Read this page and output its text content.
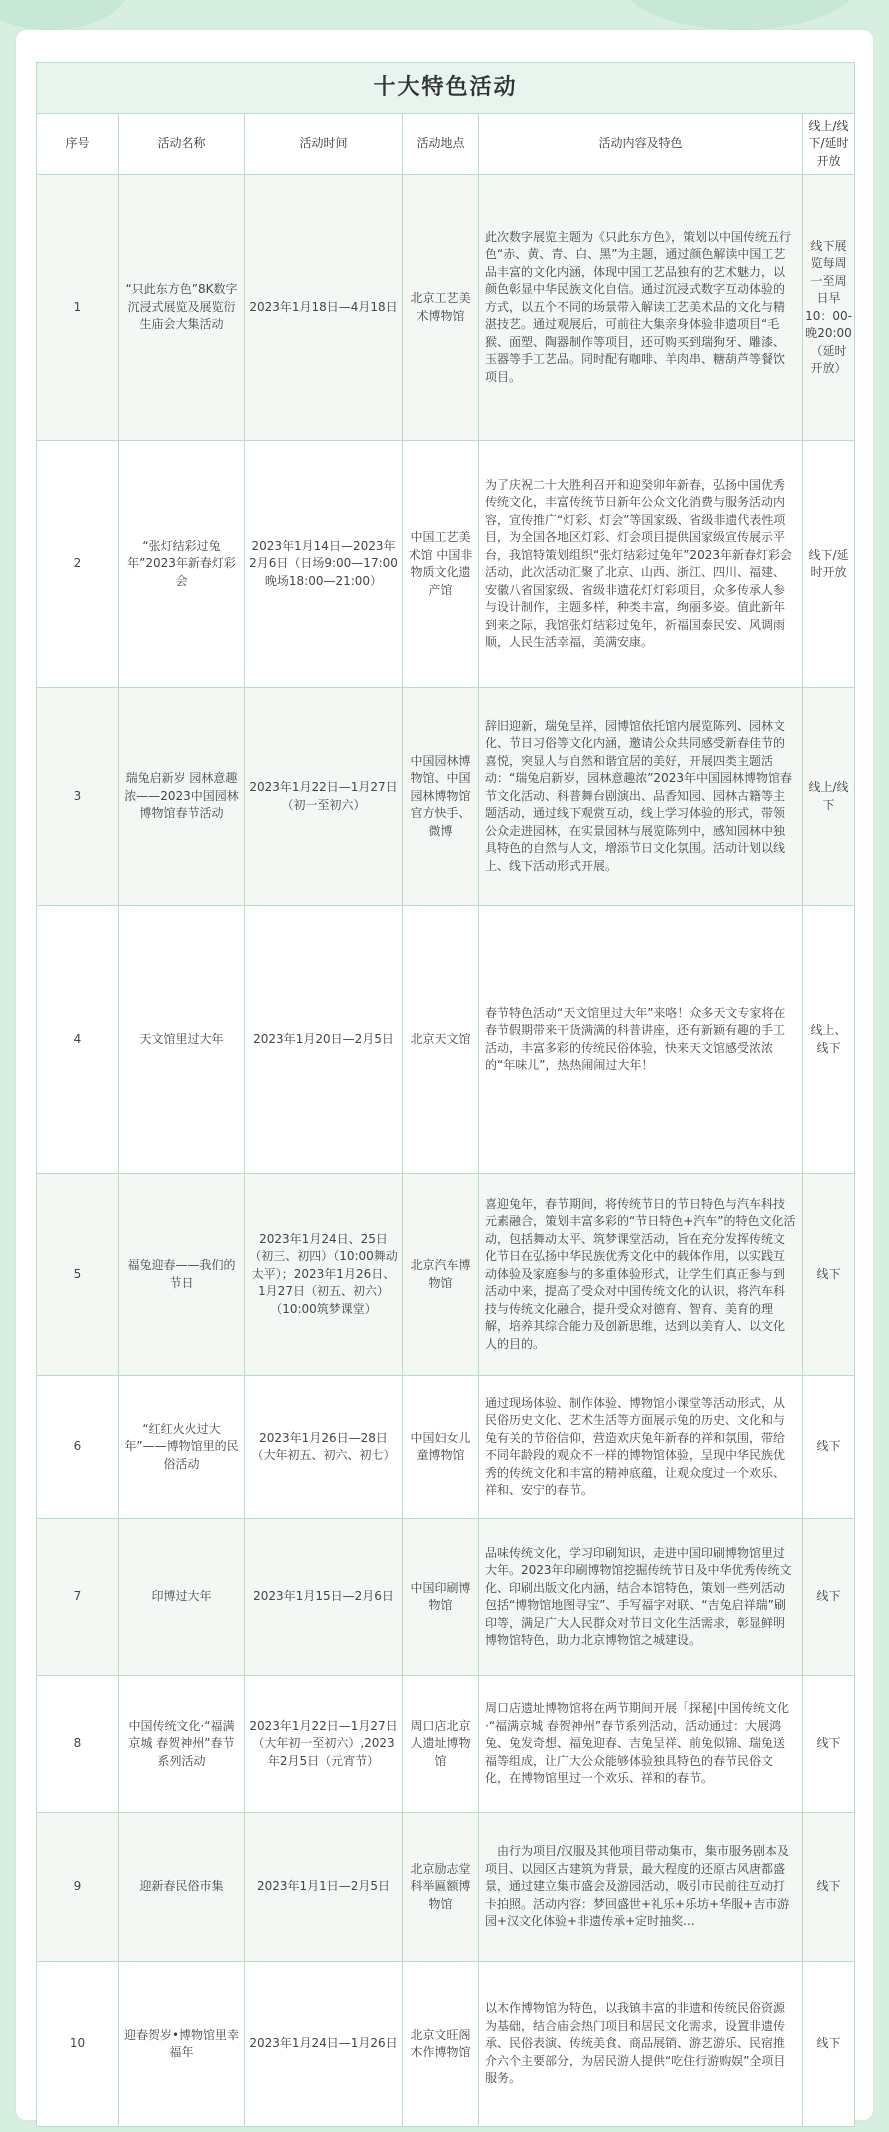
十大特色活动					
序号	活动名称	活动时间	活动地点	活动内容及特色	线上/线下/延时开放
1	“只此东方色”8K数字沉浸式展览及展览衍生庙会大集活动	2023年1月18日—4月18日	北京工艺美术博物馆	此次数字展览主题为《只此东方色》，策划以中国传统五行色“赤、黄、青、白、黑”为主题，通过颜色解读中国工艺品丰富的文化内涵，体现中国工艺品独有的艺术魅力，以颜色彰显中华民族文化自信。通过沉浸式数字互动体验的方式，以五个不同的场景带入解读工艺美术品的文化与精湛技艺。通过观展后，可前往大集亲身体验非遗项目“毛猴、面塑、陶器制作等项目，还可购买到瑞狗牙、雕漆、玉器等手工艺品。同时配有咖啡、羊肉串、糖葫芦等餐饮项目。	线下展览每周一至周日早10：00-晚20:00（延时开放）
2	“张灯结彩过兔年”2023年新春灯彩会	2023年1月14日—2023年2月6日（日场9:00—17:00晚场18:00—21:00）	中国工艺美术馆 中国非物质文化遗产馆	为了庆祝二十大胜利召开和迎癸卯年新春，弘扬中国优秀传统文化，丰富传统节日新年公众文化消费与服务活动内容，宣传推广“灯彩、灯会”等国家级、省级非遗代表性项目，为全国各地区灯彩、灯会项目提供国家级宣传展示平台，我馆特策划组织“张灯结彩过兔年”2023年新春灯彩会活动，此次活动汇聚了北京、山西、浙江、四川、福建、安徽八省国家级、省级非遗花灯灯彩项目，众多传承人参与设计制作，主题多样，种类丰富，绚丽多姿。值此新年到来之际，我馆张灯结彩过兔年，祈福国泰民安、风调雨顺，人民生活幸福，美满安康。	线下/延时开放
3	瑞兔启新岁 园林意趣浓——2023中国园林博物馆春节活动	2023年1月22日—1月27日（初一至初六）	中国园林博物馆、中国园林博物馆官方快手、微博	辞旧迎新，瑞兔呈祥，园博馆依托馆内展览陈列、园林文化、节日习俗等文化内涵，邀请公众共同感受新春佳节的喜悦，突显人与自然和谐宜居的美好，开展四类主题活动：“瑞兔启新岁，园林意趣浓”2023年中国园林博物馆春节文化活动、科普舞台剧演出、品香知园、园林古籍等主题活动，通过线下观赏互动，线上学习体验的形式，带领公众走进园林，在实景园林与展览陈列中，感知园林中独具特色的自然与人文，增添节日文化氛围。活动计划以线上、线下活动形式开展。	线上/线下
4	天文馆里过大年	2023年1月20日—2月5日	北京天文馆	春节特色活动“天文馆里过大年”来咯！众多天文专家将在春节假期带来干货满满的科普讲座，还有新颖有趣的手工活动，丰富多彩的传统民俗体验，快来天文馆感受浓浓的“年味儿”，热热闹闹过大年！	线上、线下
5	福兔迎春——我们的节日	2023年1月24日、25日（初三、初四）（10:00舞动太平）；2023年1月26日、1月27日（初五、初六）（10:00筑梦课堂）	北京汽车博物馆	喜迎兔年，春节期间，将传统节日的节日特色与汽车科技元素融合，策划丰富多彩的“节日特色+汽车”的特色文化活动，包括舞动太平、筑梦课堂活动，旨在充分发挥传统文化节日在弘扬中华民族优秀文化中的载体作用，以实践互动体验及家庭参与的多重体验形式，让学生们真正参与到活动中来，提高了受众对中国传统文化的认识，将汽车科技与传统文化融合，提升受众对德育、智育、美育的理解，培养其综合能力及创新思维，达到以美育人、以文化人的目的。	线下
6	“红红火火过大年”——博物馆里的民俗活动	2023年1月26日—28日（大年初五、初六、初七）	中国妇女儿童博物馆	通过现场体验、制作体验、博物馆小课堂等活动形式，从民俗历史文化、艺术生活等方面展示兔的历史、文化和与兔有关的节俗信仰，营造欢庆兔年新春的祥和氛围，带给不同年龄段的观众不一样的博物馆体验，呈现中华民族优秀的传统文化和丰富的精神底蕴，让观众度过一个欢乐、祥和、安宁的春节。	线下
7	印博过大年	2023年1月15日—2月6日	中国印刷博物馆	品味传统文化，学习印刷知识，走进中国印刷博物馆里过大年。2023年印刷博物馆挖掘传统节日及中华优秀传统文化、印刷出版文化内涵，结合本馆特色，策划一些列活动包括“博物馆地图寻宝”、手写福字对联、“吉兔启祥瑞”刷印等，满足广大人民群众对节日文化生活需求，彰显鲜明博物馆特色，助力北京博物馆之城建设。	线下
8	中国传统文化·“福满京城 春贺神州”春节系列活动	2023年1月22日—1月27日（大年初一至初六）,2023年2月5日（元宵节）	周口店北京人遗址博物馆	周口店遗址博物馆将在两节期间开展「探秘|中国传统文化·“福满京城 春贺神州”春节系列活动，活动通过：大展鸿兔、兔发奇想、福兔迎春、吉兔呈祥、前兔似锦、瑞兔送福等组成，让广大公众能够体验独具特色的春节民俗文化，在博物馆里过一个欢乐、祥和的春节。	线下
9	迎新春民俗市集	2023年1月1日—2月5日	北京励志堂科举匾额博物馆	　由行为项目/汉服及其他项目带动集市，集市服务剧本及项目、以园区古建筑为背景，最大程度的还原古风唐都盛景，通过建立集市盛会及游园活动，吸引市民前往互动打卡拍照。活动内容：梦回盛世+礼乐+乐坊+华服+吉市游园+汉文化体验+非遗传承+定时抽奖...	线下
10	迎春贺岁•博物馆里幸福年	2023年1月24日—1月26日	北京文旺阁木作博物馆	以木作博物馆为特色，以我镇丰富的非遗和传统民俗资源为基础，结合庙会热门项目和居民文化需求，设置非遗传承、民俗表演、传统美食、商品展销、游艺游乐、民宿推介六个主要部分，为居民游人提供“吃住行游购娱”全项目服务。	线下
